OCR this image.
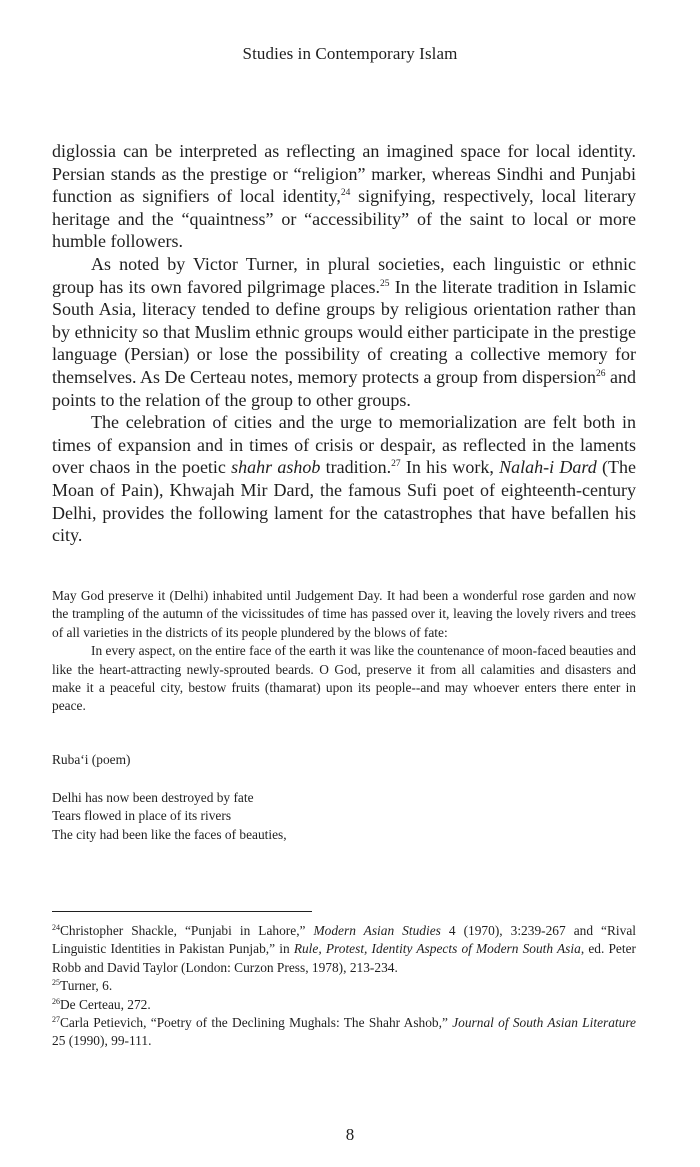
Studies in Contemporary Islam

diglossia can be interpreted as reflecting an imagined space for local identity. Persian stands as the prestige or “religion” marker, whereas Sindhi and Punjabi function as signifiers of local identity,$^{24}$ signifying, respectively, local literary heritage and the “quaintness” or “accessibility” of the saint to local or more humble followers.

As noted by Victor Turner, in plural societies, each linguistic or ethnic group has its own favored pilgrimage places.$^{25}$ In the literate tradition in Islamic South Asia, literacy tended to define groups by religious orientation rather than by ethnicity so that Muslim ethnic groups would either participate in the prestige language (Persian) or lose the possibility of creating a collective memory for themselves. As De Certeau notes, memory protects a group from dispersion$^{26}$ and points to the relation of the group to other groups.

The celebration of cities and the urge to memorialization are felt both in times of expansion and in times of crisis or despair, as reflected in the laments over chaos in the poetic shahr ashob tradition.$^{27}$ In his work, Nalah-i Dard (The Moan of Pain), Khwajah Mir Dard, the famous Sufi poet of eighteenth-century Delhi, provides the following lament for the catastrophes that have befallen his city.

May God preserve it (Delhi) inhabited until Judgement Day. It had been a wonderful rose garden and now the trampling of the autumn of the vicissitudes of time has passed over it, leaving the lovely rivers and trees of all varieties in the districts of its people plundered by the blows of fate:

In every aspect, on the entire face of the earth it was like the countenance of moon-faced beauties and like the heart-attracting newly-sprouted beards. O God, preserve it from all calamities and disasters and make it a peaceful city, bestow fruits (thamarat) upon its people--and may whoever enters there enter in peace.

Ruba‘i (poem)
Delhi has now been destroyed by fate
Tears flowed in place of its rivers
The city had been like the faces of beauties,

$^{24}$Christopher Shackle, “Punjabi in Lahore,” Modern Asian Studies 4 (1970), 3:239-267 and “Rival Linguistic Identities in Pakistan Punjab,” in Rule, Protest, Identity Aspects of Modern South Asia, ed. Peter Robb and David Taylor (London: Curzon Press, 1978), 213-234.

$^{25}$Turner, 6.

$^{26}$De Certeau, 272.

$^{27}$Carla Petievich, “Poetry of the Declining Mughals: The Shahr Ashob,” Journal of South Asian Literature 25 (1990), 99-111.

8
